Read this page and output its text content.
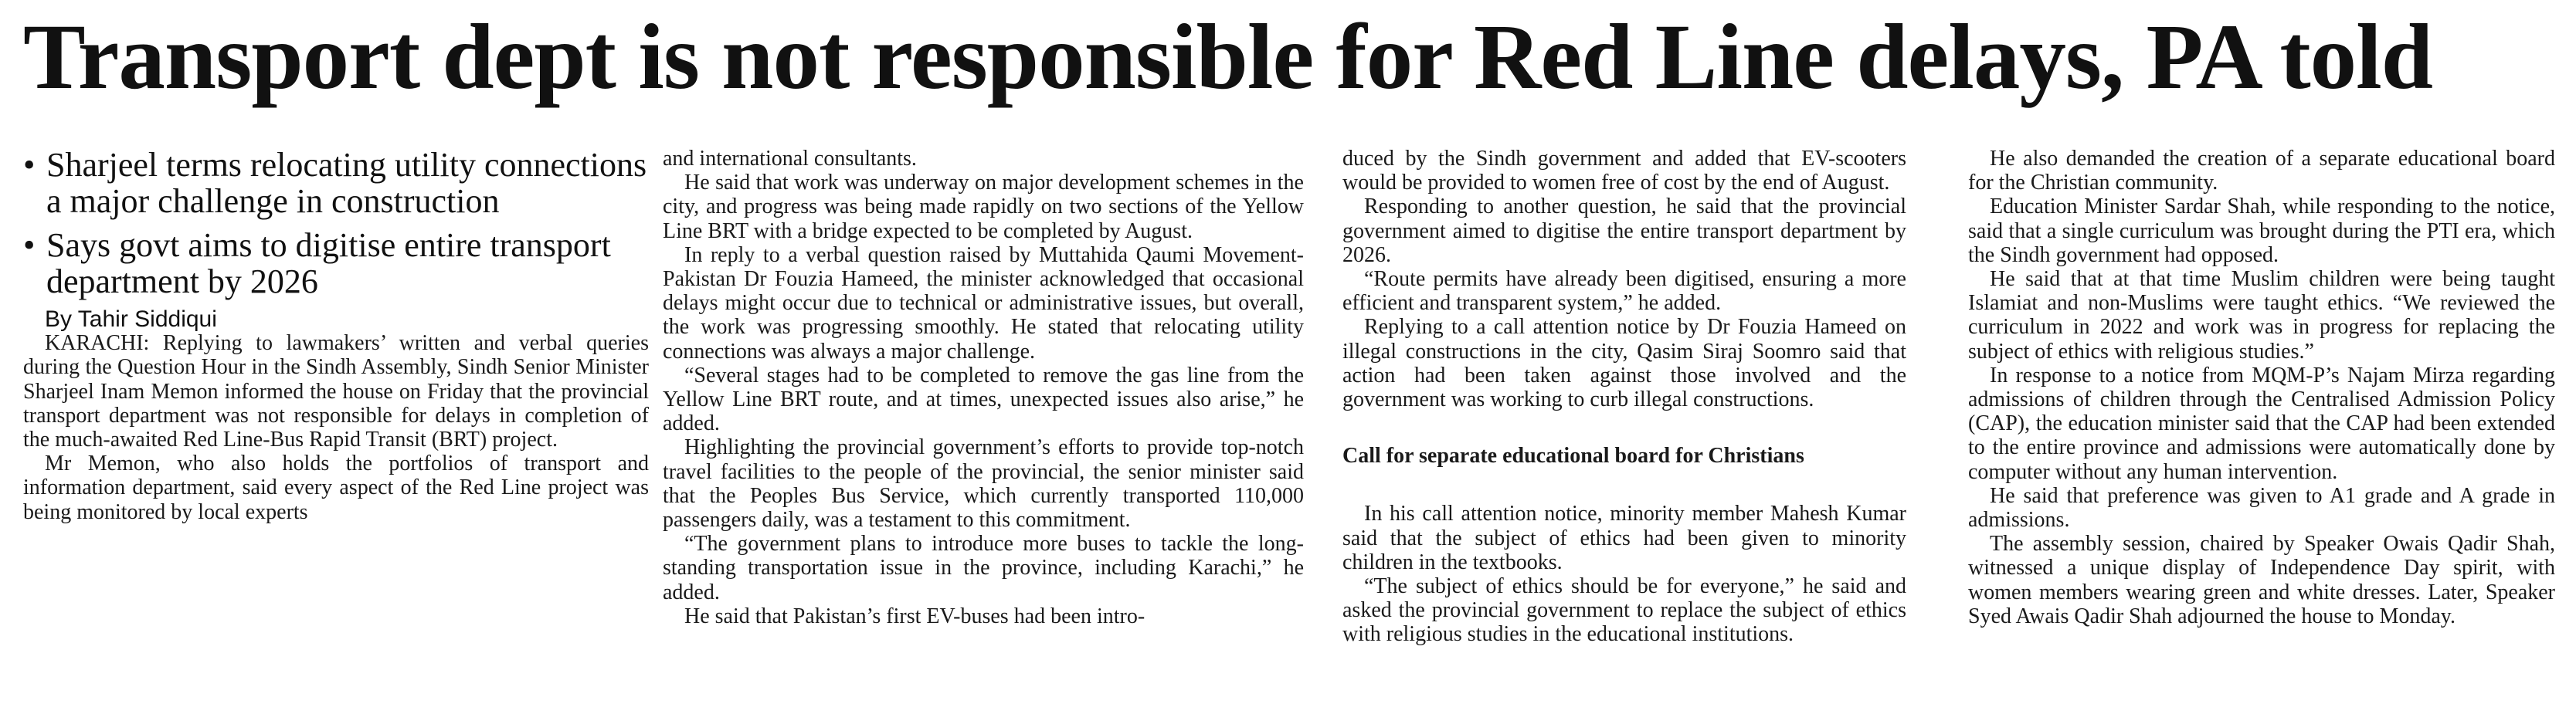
Transport dept is not responsible for Red Line delays, PA told
• Sharjeel terms relocating utility connections a major challenge in construction
• Says govt aims to digitise entire transport department by 2026

By Tahir Siddiqui

KARACHI: Replying to lawmakers’ written and verbal queries during the Question Hour in the Sindh Assembly, Sindh Senior Minister Sharjeel Inam Memon informed the house on Friday that the provincial transport department was not responsible for delays in completion of the much-awaited Red Line-Bus Rapid Transit (BRT) project.

Mr Memon, who also holds the portfolios of transport and information department, said every aspect of the Red Line project was being monitored by local experts

and international consultants.

He said that work was underway on major development schemes in the city, and progress was being made rapidly on two sections of the Yellow Line BRT with a bridge expected to be completed by August.

In reply to a verbal question raised by Muttahida Qaumi Movement-Pakistan Dr Fouzia Hameed, the minister acknowledged that occasional delays might occur due to technical or administrative issues, but overall, the work was progressing smoothly. He stated that relocating utility connections was always a major challenge.

“Several stages had to be completed to remove the gas line from the Yellow Line BRT route, and at times, unexpected issues also arise,” he added.

Highlighting the provincial government’s efforts to provide top-notch travel facilities to the people of the provincial, the senior minister said that the Peoples Bus Service, which currently transported 110,000 passengers daily, was a testament to this commitment.

“The government plans to introduce more buses to tackle the long-standing transportation issue in the province, including Karachi,” he added.

He said that Pakistan’s first EV-buses had been intro-

duced by the Sindh government and added that EV-scooters would be provided to women free of cost by the end of August.

Responding to another question, he said that the provincial government aimed to digitise the entire transport department by 2026.

“Route permits have already been digitised, ensuring a more efficient and transparent system,” he added.

Replying to a call attention notice by Dr Fouzia Hameed on illegal constructions in the city, Qasim Siraj Soomro said that action had been taken against those involved and the government was working to curb illegal constructions.

Call for separate educational board for Christians

In his call attention notice, minority member Mahesh Kumar said that the subject of ethics had been given to minority children in the textbooks.

“The subject of ethics should be for everyone,” he said and asked the provincial government to replace the subject of ethics with religious studies in the educational institutions.

He also demanded the creation of a separate educational board for the Christian community.

Education Minister Sardar Shah, while responding to the notice, said that a single curriculum was brought during the PTI era, which the Sindh government had opposed.

He said that at that time Muslim children were being taught Islamiat and non-Muslims were taught ethics. “We reviewed the curriculum in 2022 and work was in progress for replacing the subject of ethics with religious studies.”

In response to a notice from MQM-P’s Najam Mirza regarding admissions of children through the Centralised Admission Policy (CAP), the education minister said that the CAP had been extended to the entire province and admissions were automatically done by computer without any human intervention.

He said that preference was given to A1 grade and A grade in admissions.

The assembly session, chaired by Speaker Owais Qadir Shah, witnessed a unique display of Independence Day spirit, with women members wearing green and white dresses. Later, Speaker Syed Awais Qadir Shah adjourned the house to Monday.
